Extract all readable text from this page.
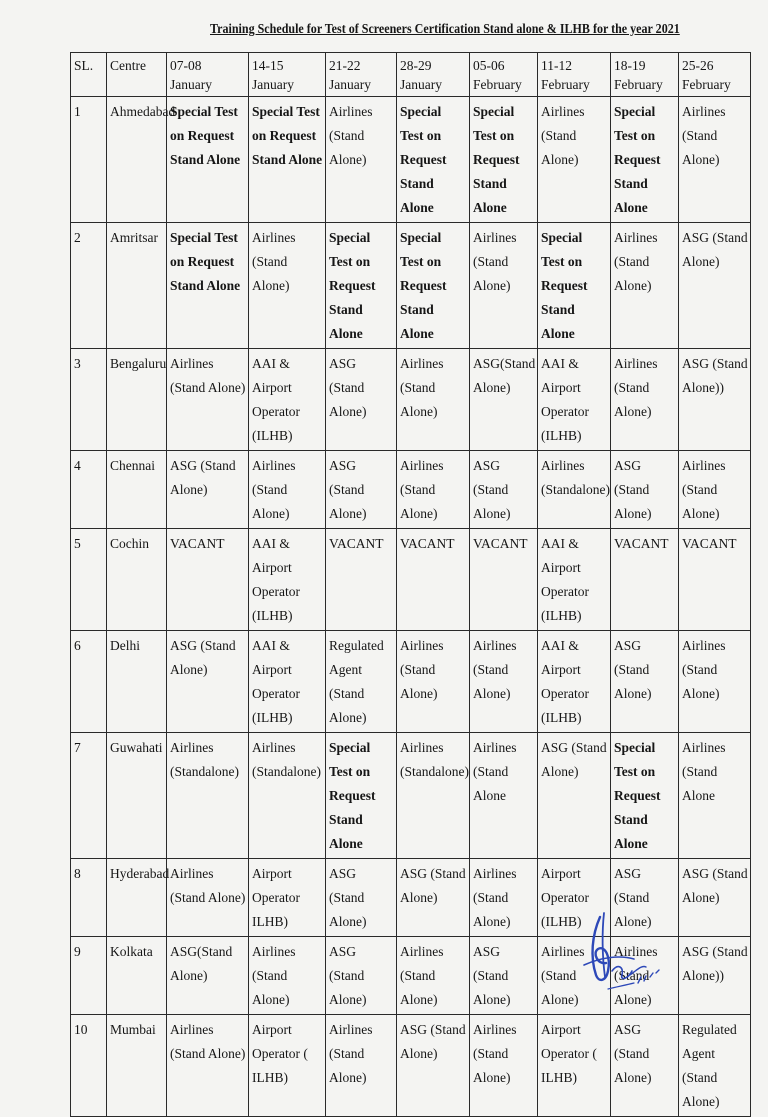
Training Schedule for Test of Screeners Certification Stand alone & ILHB for the year 2021
SL.	Centre	07-08 January	14-15 January	21-22 January	28-29 January	05-06 February	11-12 February	18-19 February	25-26 February
1	Ahmedabad	Special Test on Request Stand Alone	Special Test on Request Stand Alone	Airlines (Stand Alone)	Special Test on Request Stand Alone	Special Test on Request Stand Alone	Airlines (Stand Alone)	Special Test on Request Stand Alone	Airlines (Stand Alone)

2	Amritsar	Special Test on Request Stand Alone	Airlines (Stand Alone)	Special Test on Request Stand Alone	Special Test on Request Stand Alone	Airlines (Stand Alone)	Special Test on Request Stand Alone	Airlines (Stand Alone)	ASG (Stand Alone)

3	Bengaluru	Airlines (Stand Alone)	AAI & Airport Operator (ILHB)	ASG (Stand Alone)	Airlines (Stand Alone)	ASG(Stand Alone)	AAI & Airport Operator (ILHB)	Airlines (Stand Alone)	ASG (Stand Alone))

4	Chennai	ASG (Stand Alone)	Airlines (Stand Alone)	ASG (Stand Alone)	Airlines (Stand Alone)	ASG (Stand Alone)	Airlines (Standalone)	ASG (Stand Alone)	Airlines (Stand Alone)

5	Cochin	VACANT	AAI & Airport Operator (ILHB)	VACANT	VACANT	VACANT	AAI & Airport Operator (ILHB)	VACANT	VACANT

6	Delhi	ASG (Stand Alone)	AAI & Airport Operator (ILHB)	Regulated Agent (Stand Alone)	Airlines (Stand Alone)	Airlines (Stand Alone)	AAI & Airport Operator (ILHB)	ASG (Stand Alone)	Airlines (Stand Alone)

7	Guwahati	Airlines (Standalone)	Airlines (Standalone)	Special Test on Request Stand Alone	Airlines (Standalone)	Airlines (Stand Alone	ASG (Stand Alone)	Special Test on Request Stand Alone	Airlines (Stand Alone

8	Hyderabad	Airlines (Stand Alone)	Airport Operator ILHB)	ASG (Stand Alone)	ASG (Stand Alone)	Airlines (Stand Alone)	Airport Operator (ILHB)	ASG (Stand Alone)	ASG (Stand Alone)

9	Kolkata	ASG(Stand Alone)	Airlines (Stand Alone)	ASG (Stand Alone)	Airlines (Stand Alone)	ASG (Stand Alone)	Airlines (Stand Alone)	Airlines (Stand Alone)	ASG (Stand Alone))

10	Mumbai	Airlines (Stand Alone)	Airport Operator ( ILHB)	Airlines (Stand Alone)	ASG (Stand Alone)	Airlines (Stand Alone)	Airport Operator ( ILHB)	ASG (Stand Alone)	Regulated Agent (Stand Alone)
